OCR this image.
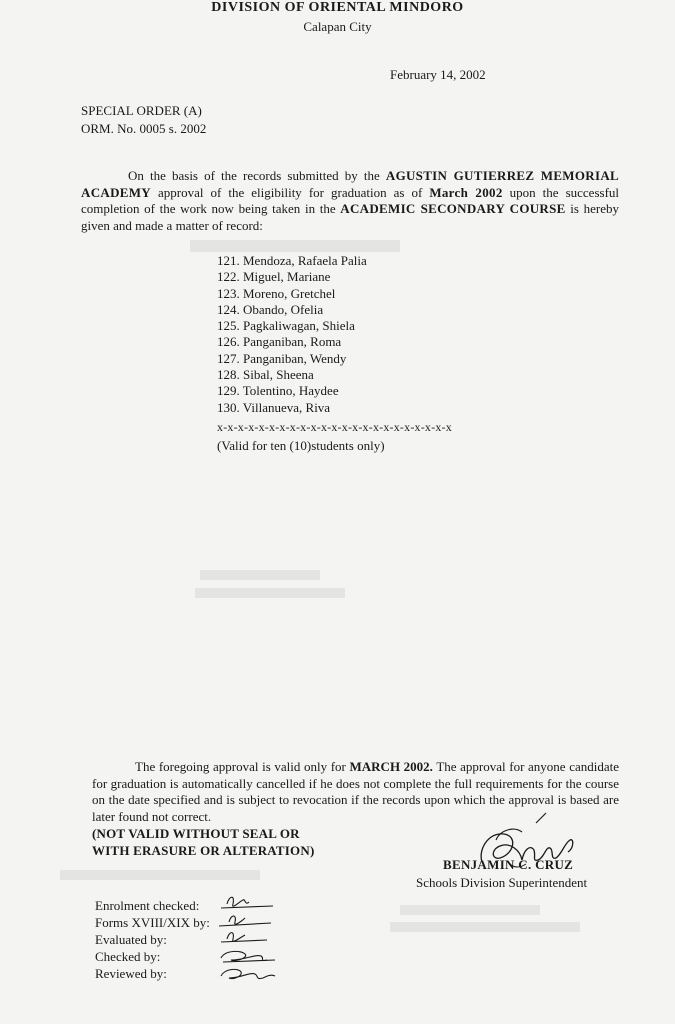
DIVISION OF ORIENTAL MINDORO
Calapan City
February 14, 2002
SPECIAL ORDER (A)
ORM. No. 0005 s. 2002
On the basis of the records submitted by the AGUSTIN GUTIERREZ MEMORIAL ACADEMY approval of the eligibility for graduation as of March 2002 upon the successful completion of the work now being taken in the ACADEMIC SECONDARY COURSE is hereby given and made a matter of record:
121. Mendoza, Rafaela Palia
122. Miguel, Mariane
123. Moreno, Gretchel
124. Obando, Ofelia
125. Pagkaliwagan, Shiela
126. Panganiban, Roma
127. Panganiban, Wendy
128. Sibal, Sheena
129. Tolentino, Haydee
130. Villanueva, Riva
x-x-x-x-x-x-x-x-x-x-x-x-x-x-x-x-x-x-x-x-x-x-x
(Valid for ten (10)students only)
The foregoing approval is valid only for MARCH 2002. The approval for anyone candidate for graduation is automatically cancelled if he does not complete the full requirements for the course on the date specified and is subject to revocation if the records upon which the approval is based are later found not correct.
(NOT VALID WITHOUT SEAL OR
WITH ERASURE OR ALTERATION)
BENJAMIN C. CRUZ
Schools Division Superintendent
Enrolment checked:
Forms XVIII/XIX by:
Evaluated by:
Checked by:
Reviewed by:
